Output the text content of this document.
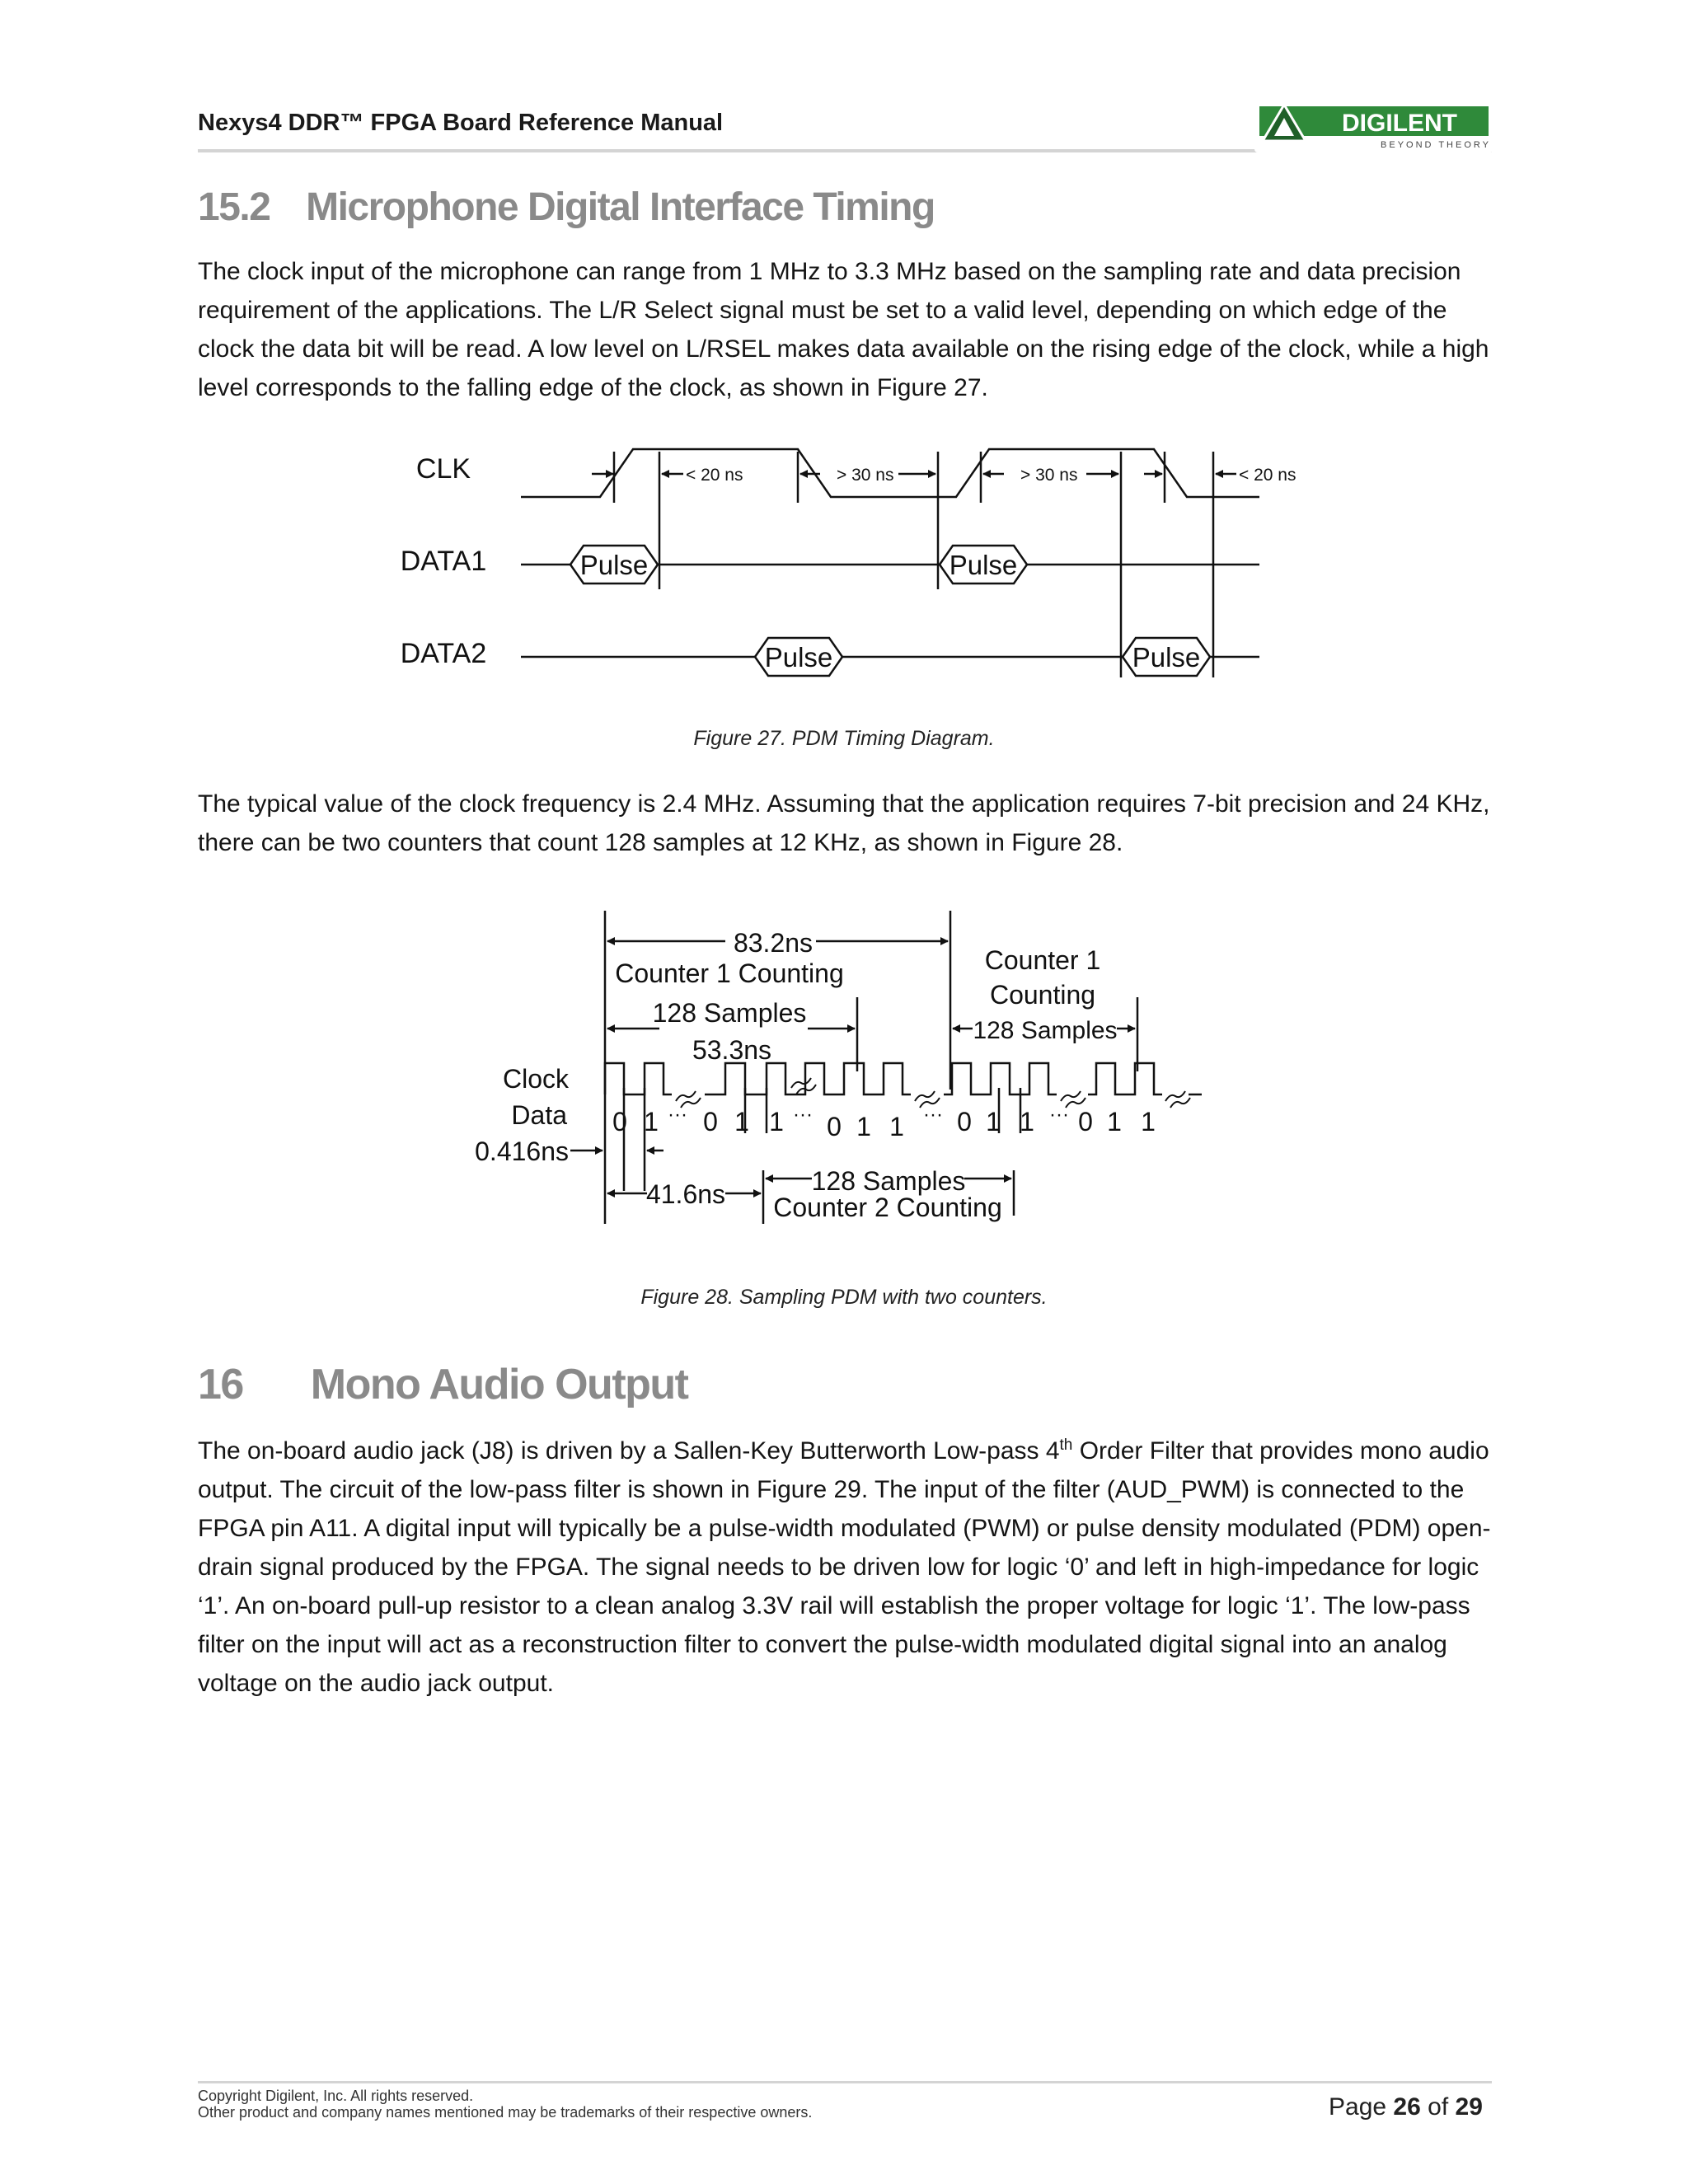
Nexys4 DDR™ FPGA Board Reference Manual	DIGILENT
BEYOND THEORY
15.2 Microphone Digital Interface Timing

The clock input of the microphone can range from 1 MHz to 3.3 MHz based on the sampling rate and data precision requirement of the applications. The L/R Select signal must be set to a valid level, depending on which edge of the clock the data bit will be read. A low level on L/RSEL makes data available on the rising edge of the clock, while a high level corresponds to the falling edge of the clock, as shown in Figure 27.

CLK
DATA1
DATA2
< 20 ns	> 30 ns	> 30 ns	< 20 ns
Pulse	Pulse
Pulse	Pulse
Figure 27. PDM Timing Diagram.

The typical value of the clock frequency is 2.4 MHz. Assuming that the application requires 7-bit precision and 24 KHz, there can be two counters that count 128 samples at 12 KHz, as shown in Figure 28.

83.2ns
Counter 1 Counting
128 Samples
53.3ns
Counter 1
Counting
128 Samples
Clock
Data
0.416ns
0 1 0 1 1 0 1 1 0 1 1 0 1 1
···	···	···	···
41.6ns	128 Samples
Counter 2 Counting
Figure 28. Sampling PDM with two counters.
16 Mono Audio Output

The on-board audio jack (J8) is driven by a Sallen-Key Butterworth Low-pass 4th Order Filter that provides mono audio output. The circuit of the low-pass filter is shown in Figure 29. The input of the filter (AUD_PWM) is connected to the FPGA pin A11. A digital input will typically be a pulse-width modulated (PWM) or pulse density modulated (PDM) open-drain signal produced by the FPGA. The signal needs to be driven low for logic ‘0’ and left in high-impedance for logic ‘1’. An on-board pull-up resistor to a clean analog 3.3V rail will establish the proper voltage for logic ‘1’. The low-pass filter on the input will act as a reconstruction filter to convert the pulse-width modulated digital signal into an analog voltage on the audio jack output.

Copyright Digilent, Inc. All rights reserved.
Other product and company names mentioned may be trademarks of their respective owners.	Page 26 of 29
